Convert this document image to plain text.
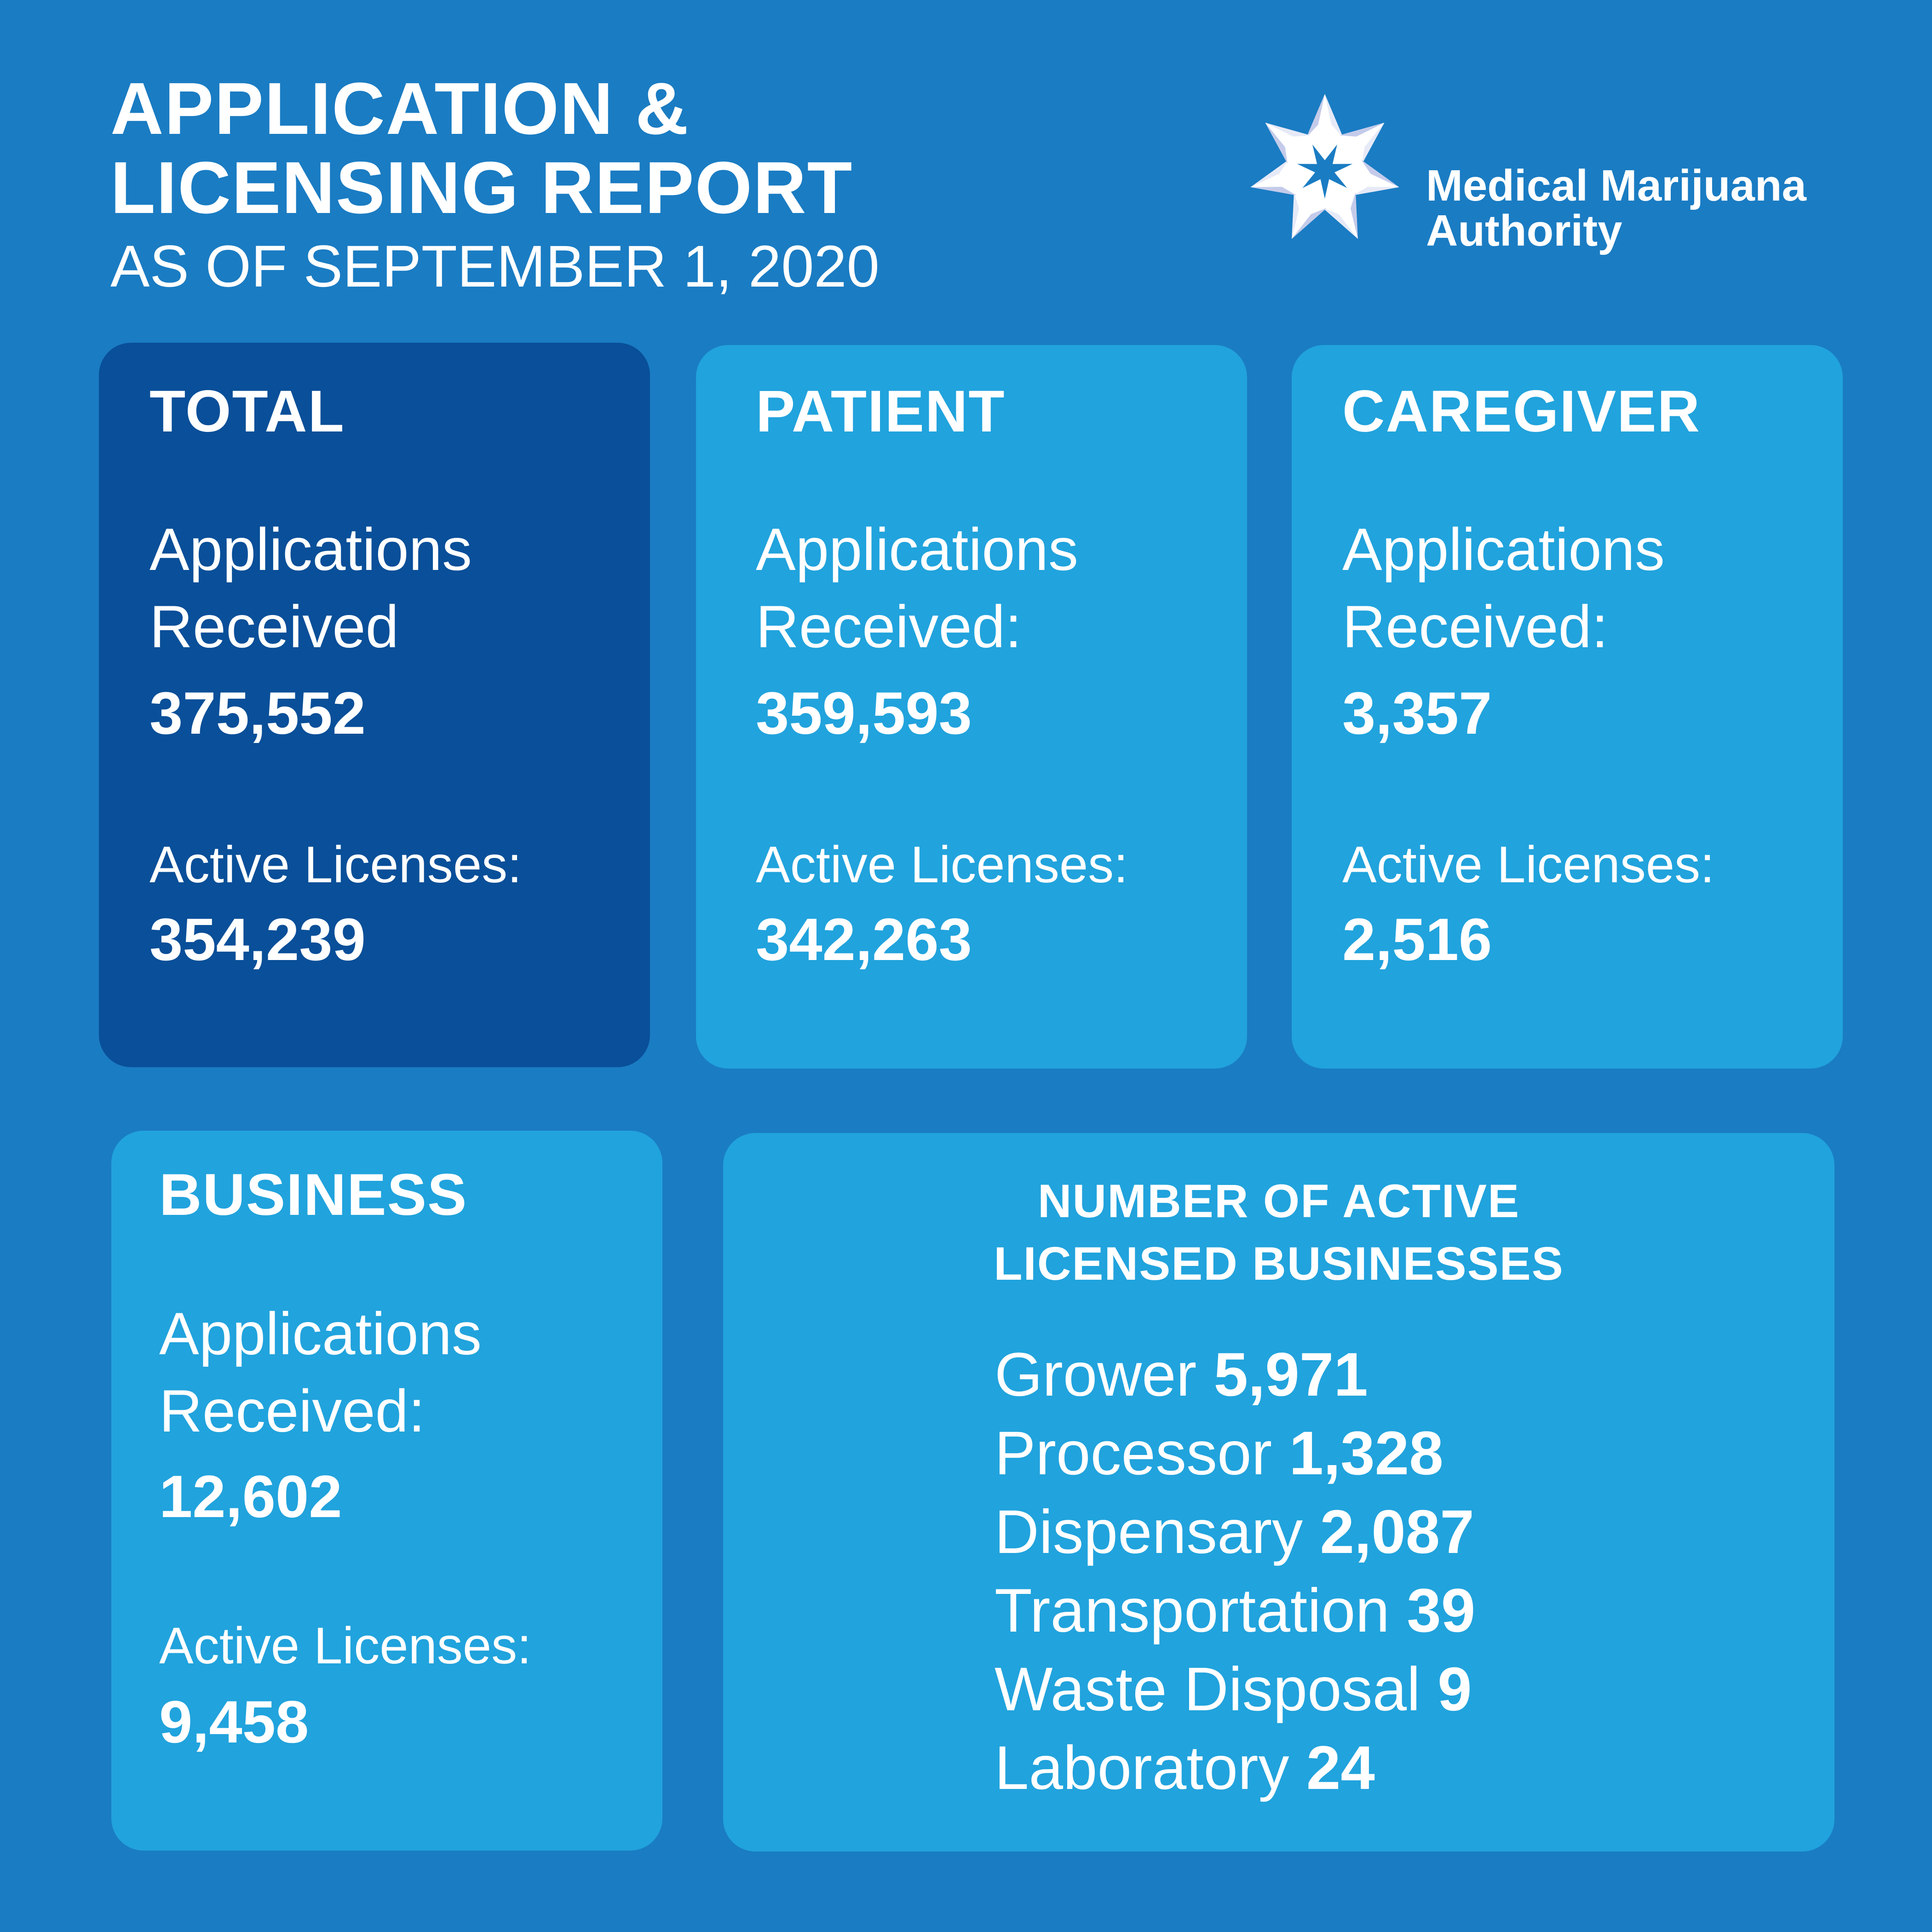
APPLICATION &
LICENSING REPORT

AS OF SEPTEMBER 1, 2020

Medical Marijuana
Authority
TOTAL
Applications
Received
375,552
Active Licenses:
354,239
PATIENT
Applications
Received:
359,593
Active Licenses:
342,263
CAREGIVER
Applications
Received:
3,357
Active Licenses:
2,516
BUSINESS
Applications
Received:
12,602
Active Licenses:
9,458
NUMBER OF ACTIVE
LICENSED BUSINESSES
Grower 5,971
Processor 1,328
Dispensary 2,087
Transportation 39
Waste Disposal 9
Laboratory 24
